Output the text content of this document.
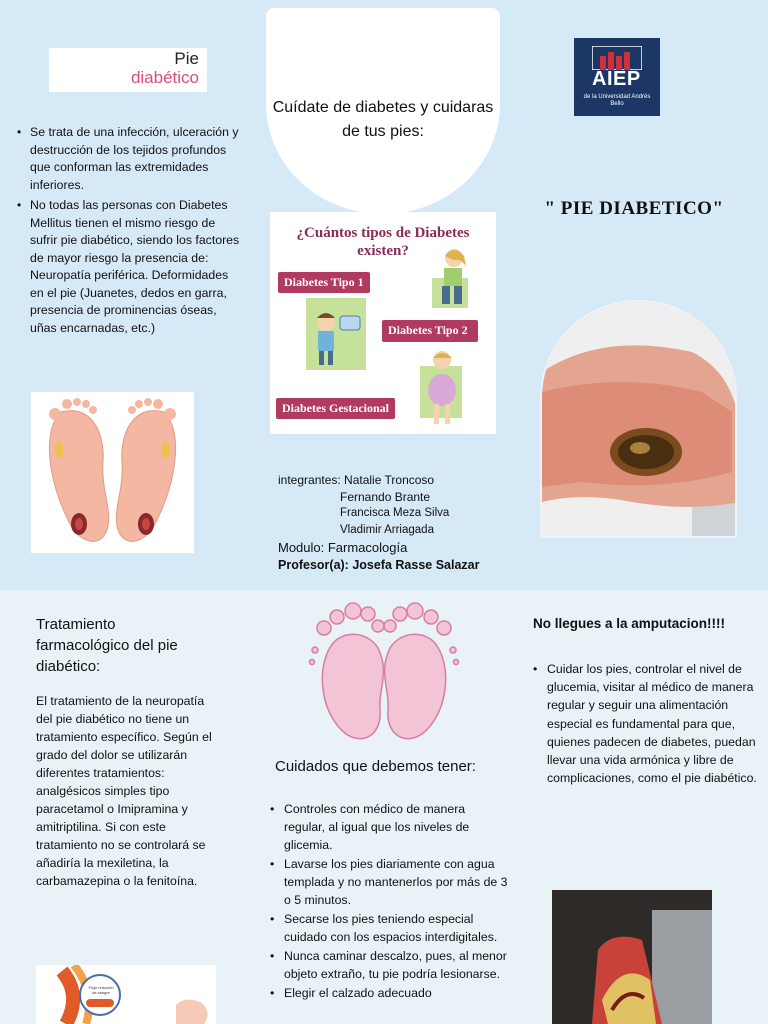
Pie
diabético
• Se trata de una infección, ulceración y destrucción de los tejidos profundos que conforman las extremidades inferiores.
• No todas las personas con Diabetes Mellitus tienen el mismo riesgo de sufrir pie diabético, siendo los factores de mayor riesgo la presencia de: Neuropatía periférica. Deformidades en el pie (Juanetes, dedos en garra, presencia de prominencias óseas, uñas encarnadas, etc.)
Cuídate de diabetes y cuidaras de tus pies:
¿Cuántos tipos de Diabetes existen?
Diabetes Tipo 1
Diabetes Tipo 2
Diabetes Gestacional
AIEP
de la Universidad Andrés Bello
" PIE DIABETICO"
integrantes: Natalie Troncoso
Fernando Brante
Francisca Meza Silva
Vladimir Arriagada
Modulo: Farmacología
Profesor(a): Josefa Rasse Salazar
Tratamiento farmacológico del pie diabético:
El tratamiento de la neuropatía del pie diabético no tiene un tratamiento específico. Según el grado del dolor se utilizarán diferentes tratamientos: analgésicos simples tipo paracetamol o Imipramina y amitriptilina. Si con este tratamiento no se controlará se añadiría la mexiletina, la carbamazepina o la fenitoína.
Cuidados que debemos tener:
• Controles con médico de manera regular, al igual que los niveles de glicemia.
• Lavarse los pies diariamente con agua templada y no mantenerlos por más de 3 o 5 minutos.
• Secarse los pies teniendo especial cuidado con los espacios interdigitales.
• Nunca caminar descalzo, pues, al menor objeto extraño, tu pie podría lesionarse.
• Elegir el calzado adecuado
No llegues a la amputacion!!!!
• Cuidar los pies, controlar el nivel de glucemia, visitar al médico de manera regular y seguir una alimentación especial es fundamental para que, quienes padecen de diabetes, puedan llevar una vida armónica y libre de complicaciones, como el pie diabético.
Flujo reducido de sangre
